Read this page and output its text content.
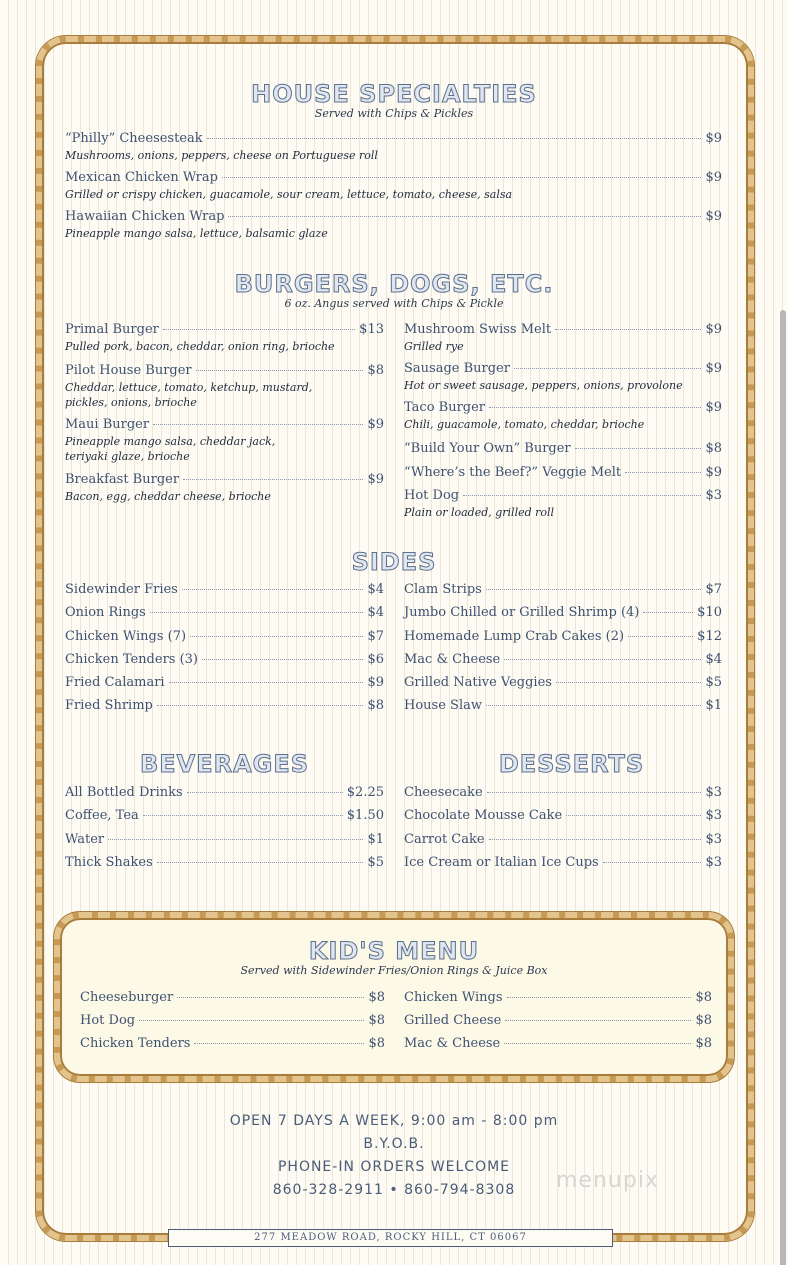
HOUSE SPECIALTIES
Served with Chips & Pickles
“Philly” Cheesesteak	$9
Mushrooms, onions, peppers, cheese on Portuguese roll
Mexican Chicken Wrap	$9
Grilled or crispy chicken, guacamole, sour cream, lettuce, tomato, cheese, salsa
Hawaiian Chicken Wrap	$9
Pineapple mango salsa, lettuce, balsamic glaze
BURGERS, DOGS, ETC.
6 oz. Angus served with Chips & Pickle
Primal Burger	$13
Pulled pork, bacon, cheddar, onion ring, brioche
Pilot House Burger	$8
Cheddar, lettuce, tomato, ketchup, mustard, pickles, onions, brioche
Maui Burger	$9
Pineapple mango salsa, cheddar jack, teriyaki glaze, brioche
Breakfast Burger	$9
Bacon, egg, cheddar cheese, brioche
Mushroom Swiss Melt	$9
Grilled rye
Sausage Burger	$9
Hot or sweet sausage, peppers, onions, provolone
Taco Burger	$9
Chili, guacamole, tomato, cheddar, brioche
“Build Your Own” Burger	$8
“Where’s the Beef?” Veggie Melt	$9
Hot Dog	$3
Plain or loaded, grilled roll
SIDES
Sidewinder Fries	$4
Onion Rings	$4
Chicken Wings (7)	$7
Chicken Tenders (3)	$6
Fried Calamari	$9
Fried Shrimp	$8
Clam Strips	$7
Jumbo Chilled or Grilled Shrimp (4)	$10
Homemade Lump Crab Cakes (2)	$12
Mac & Cheese	$4
Grilled Native Veggies	$5
House Slaw	$1
BEVERAGES	DESSERTS
All Bottled Drinks	$2.25
Coffee, Tea	$1.50
Water	$1
Thick Shakes	$5
Cheesecake	$3
Chocolate Mousse Cake	$3
Carrot Cake	$3
Ice Cream or Italian Ice Cups	$3
KID'S MENU
Served with Sidewinder Fries/Onion Rings & Juice Box
Cheeseburger	$8
Hot Dog	$8
Chicken Tenders	$8
Chicken Wings	$8
Grilled Cheese	$8
Mac & Cheese	$8
OPEN 7 DAYS A WEEK, 9:00 am - 8:00 pm
B.Y.O.B.
PHONE-IN ORDERS WELCOME
860-328-2911 • 860-794-8308
277 MEADOW ROAD, ROCKY HILL, CT 06067
menupix
